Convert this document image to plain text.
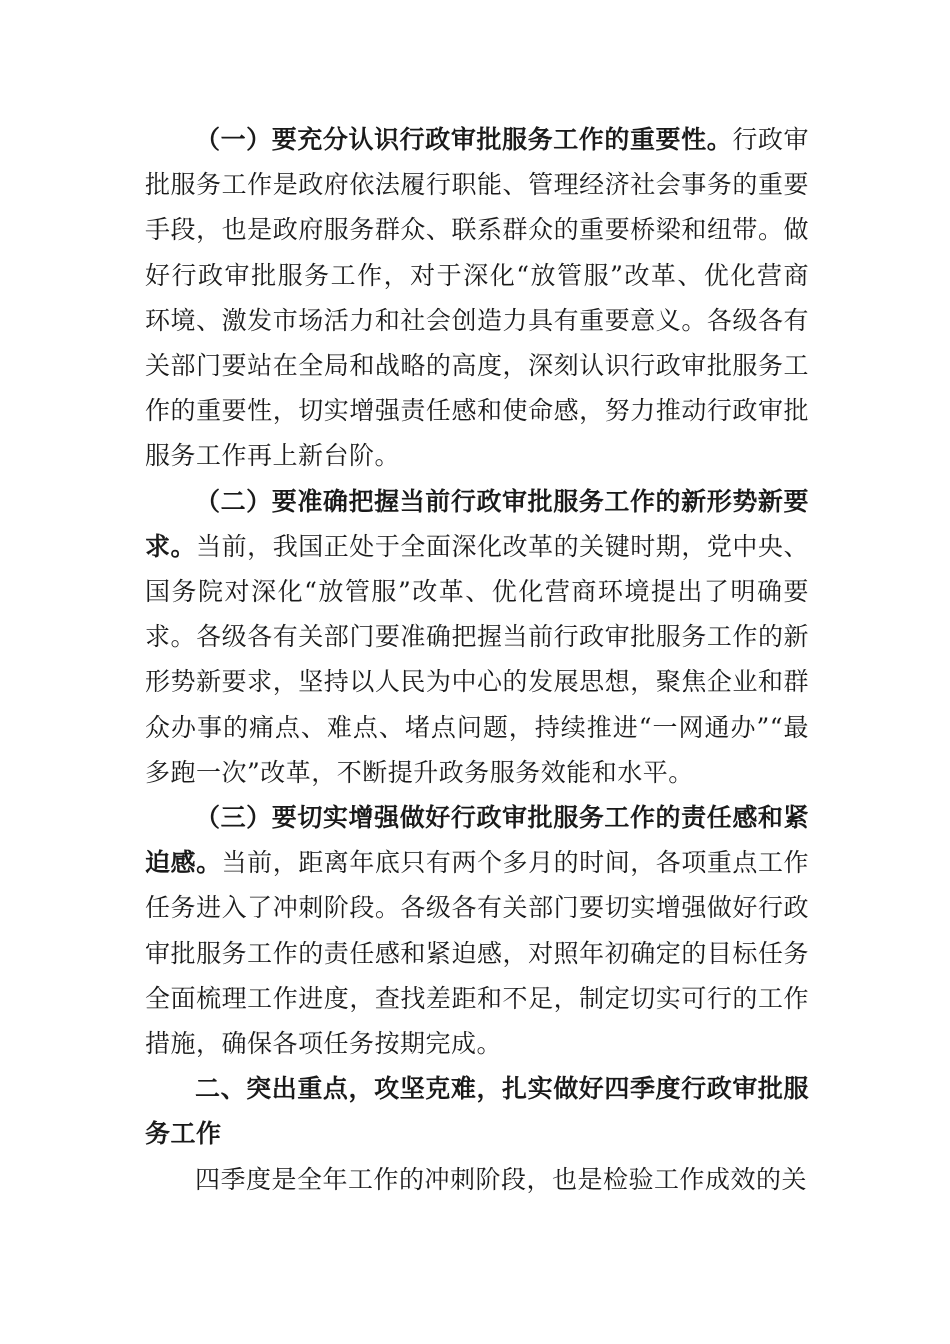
（一）要充分认识行政审批服务工作的重要性。行政审批服务工作是政府依法履行职能、管理经济社会事务的重要手段，也是政府服务群众、联系群众的重要桥梁和纽带。做好行政审批服务工作，对于深化“放管服”改革、优化营商环境、激发市场活力和社会创造力具有重要意义。各级各有关部门要站在全局和战略的高度，深刻认识行政审批服务工作的重要性，切实增强责任感和使命感，努力推动行政审批服务工作再上新台阶。

（二）要准确把握当前行政审批服务工作的新形势新要求。当前，我国正处于全面深化改革的关键时期，党中央、国务院对深化“放管服”改革、优化营商环境提出了明确要求。各级各有关部门要准确把握当前行政审批服务工作的新形势新要求，坚持以人民为中心的发展思想，聚焦企业和群众办事的痛点、难点、堵点问题，持续推进“一网通办”“最多跑一次”改革，不断提升政务服务效能和水平。

（三）要切实增强做好行政审批服务工作的责任感和紧迫感。当前，距离年底只有两个多月的时间，各项重点工作任务进入了冲刺阶段。各级各有关部门要切实增强做好行政审批服务工作的责任感和紧迫感，对照年初确定的目标任务全面梳理工作进度，查找差距和不足，制定切实可行的工作措施，确保各项任务按期完成。

二、突出重点，攻坚克难，扎实做好四季度行政审批服务工作

四季度是全年工作的冲刺阶段，也是检验工作成效的关
